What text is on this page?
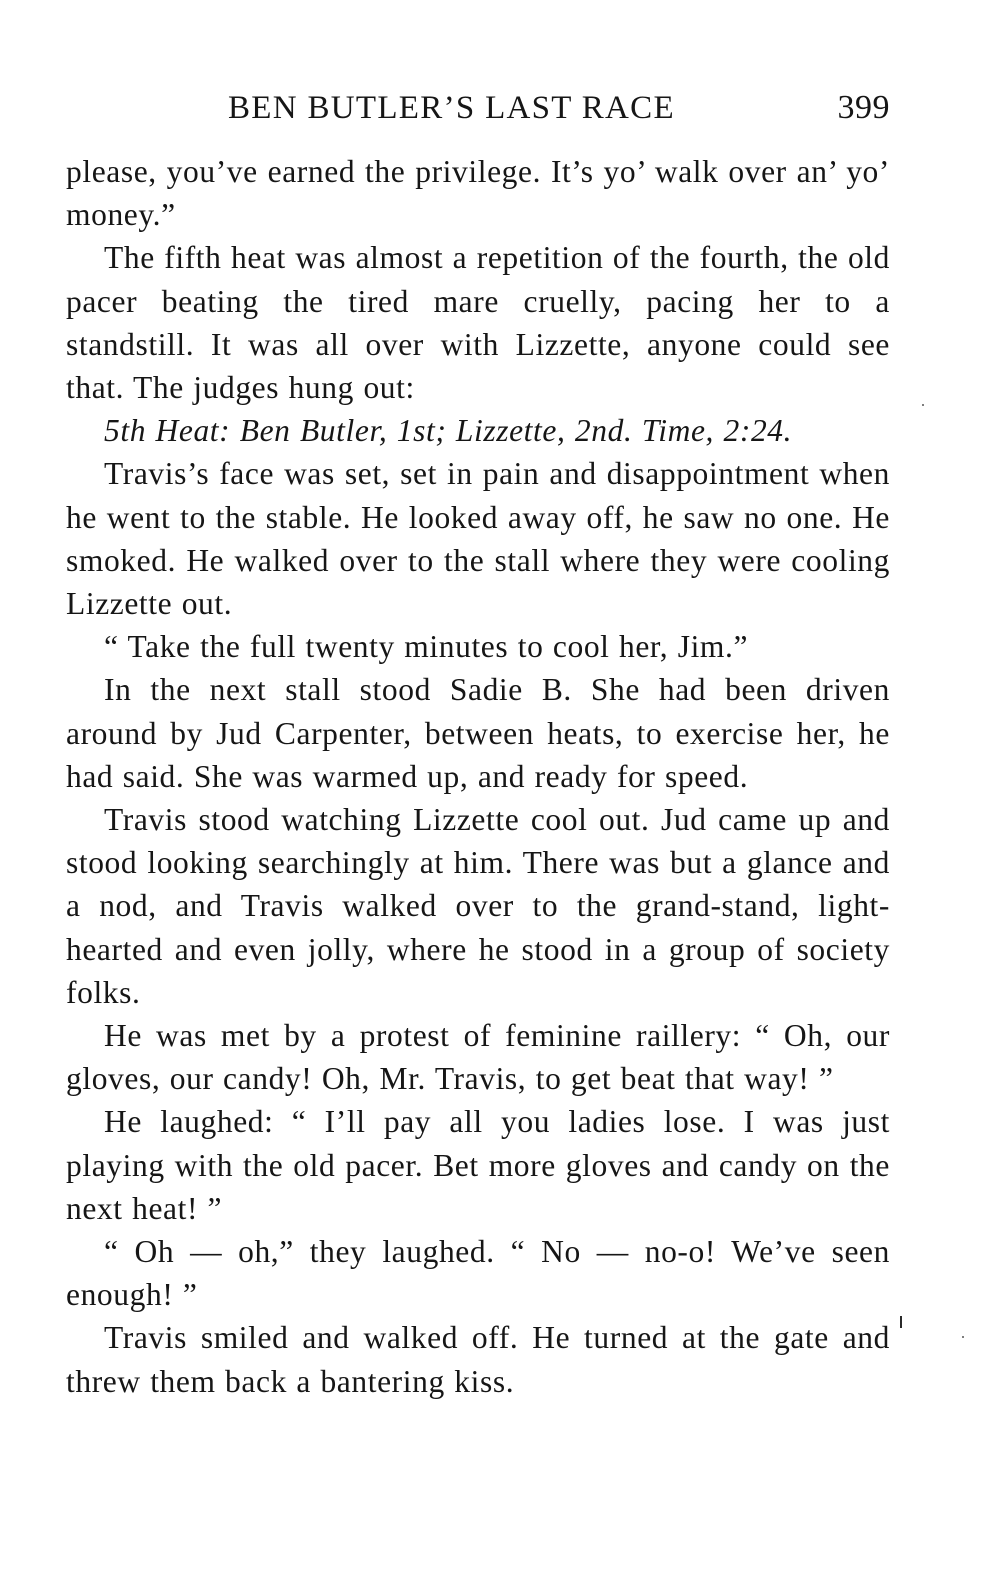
BEN BUTLER’S LAST RACE	399

please, you’ve earned the privilege. It’s yo’ walk over an’ yo’ money.”

The fifth heat was almost a repetition of the fourth, the old pacer beating the tired mare cruelly, pacing her to a standstill. It was all over with Lizzette, anyone could see that. The judges hung out:

5th Heat: Ben Butler, 1st; Lizzette, 2nd. Time, 2:24.

Travis’s face was set, set in pain and disappointment when he went to the stable. He looked away off, he saw no one. He smoked. He walked over to the stall where they were cooling Lizzette out.

“ Take the full twenty minutes to cool her, Jim.”

In the next stall stood Sadie B. She had been driven around by Jud Carpenter, between heats, to exercise her, he had said. She was warmed up, and ready for speed.

Travis stood watching Lizzette cool out. Jud came up and stood looking searchingly at him. There was but a glance and a nod, and Travis walked over to the grand-stand, light-hearted and even jolly, where he stood in a group of society folks.

He was met by a protest of feminine raillery: “ Oh, our gloves, our candy! Oh, Mr. Travis, to get beat that way! ”

He laughed: “ I’ll pay all you ladies lose. I was just playing with the old pacer. Bet more gloves and candy on the next heat! ”

“ Oh — oh,” they laughed. “ No — no-o! We’ve seen enough! ”

Travis smiled and walked off. He turned at the gate and threw them back a bantering kiss.
